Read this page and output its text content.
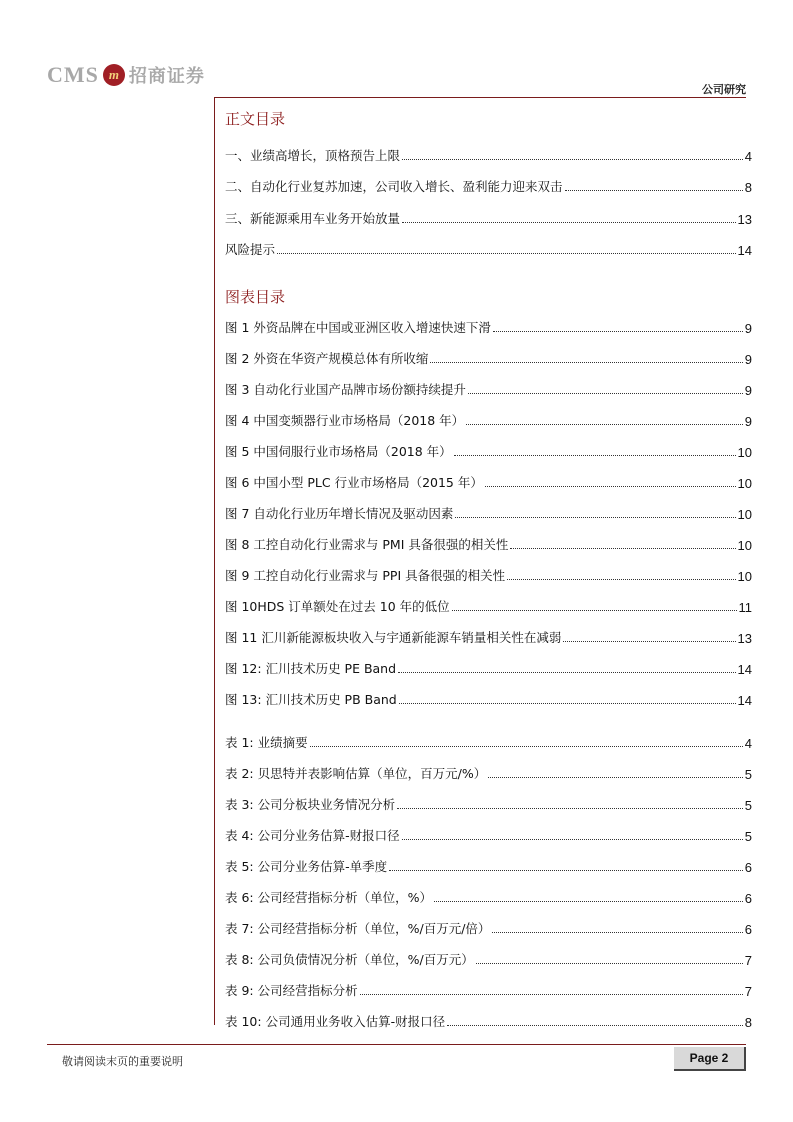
CMS m 招商证券
公司研究
正文目录
一、业绩高增长，顶格预告上限	4
二、自动化行业复苏加速，公司收入增长、盈利能力迎来双击	8
三、新能源乘用车业务开始放量	13
风险提示	14
图表目录
图 1 外资品牌在中国或亚洲区收入增速快速下滑	9
图 2 外资在华资产规模总体有所收缩	9
图 3 自动化行业国产品牌市场份额持续提升	9
图 4 中国变频器行业市场格局（2018 年）	9
图 5 中国伺服行业市场格局（2018 年）	10
图 6 中国小型 PLC 行业市场格局（2015 年）	10
图 7 自动化行业历年增长情况及驱动因素	10
图 8 工控自动化行业需求与 PMI 具备很强的相关性	10
图 9 工控自动化行业需求与 PPI 具备很强的相关性	10
图 10HDS 订单额处在过去 10 年的低位	11
图 11 汇川新能源板块收入与宇通新能源车销量相关性在减弱	13
图 12: 汇川技术历史 PE Band	14
图 13: 汇川技术历史 PB Band	14
表 1: 业绩摘要	4
表 2: 贝思特并表影响估算（单位，百万元/%）	5
表 3: 公司分板块业务情况分析	5
表 4: 公司分业务估算-财报口径	5
表 5: 公司分业务估算-单季度	6
表 6: 公司经营指标分析（单位，%）	6
表 7: 公司经营指标分析（单位，%/百万元/倍）	6
表 8: 公司负债情况分析（单位，%/百万元）	7
表 9: 公司经营指标分析	7
表 10: 公司通用业务收入估算-财报口径	8
敬请阅读末页的重要说明	Page 2
